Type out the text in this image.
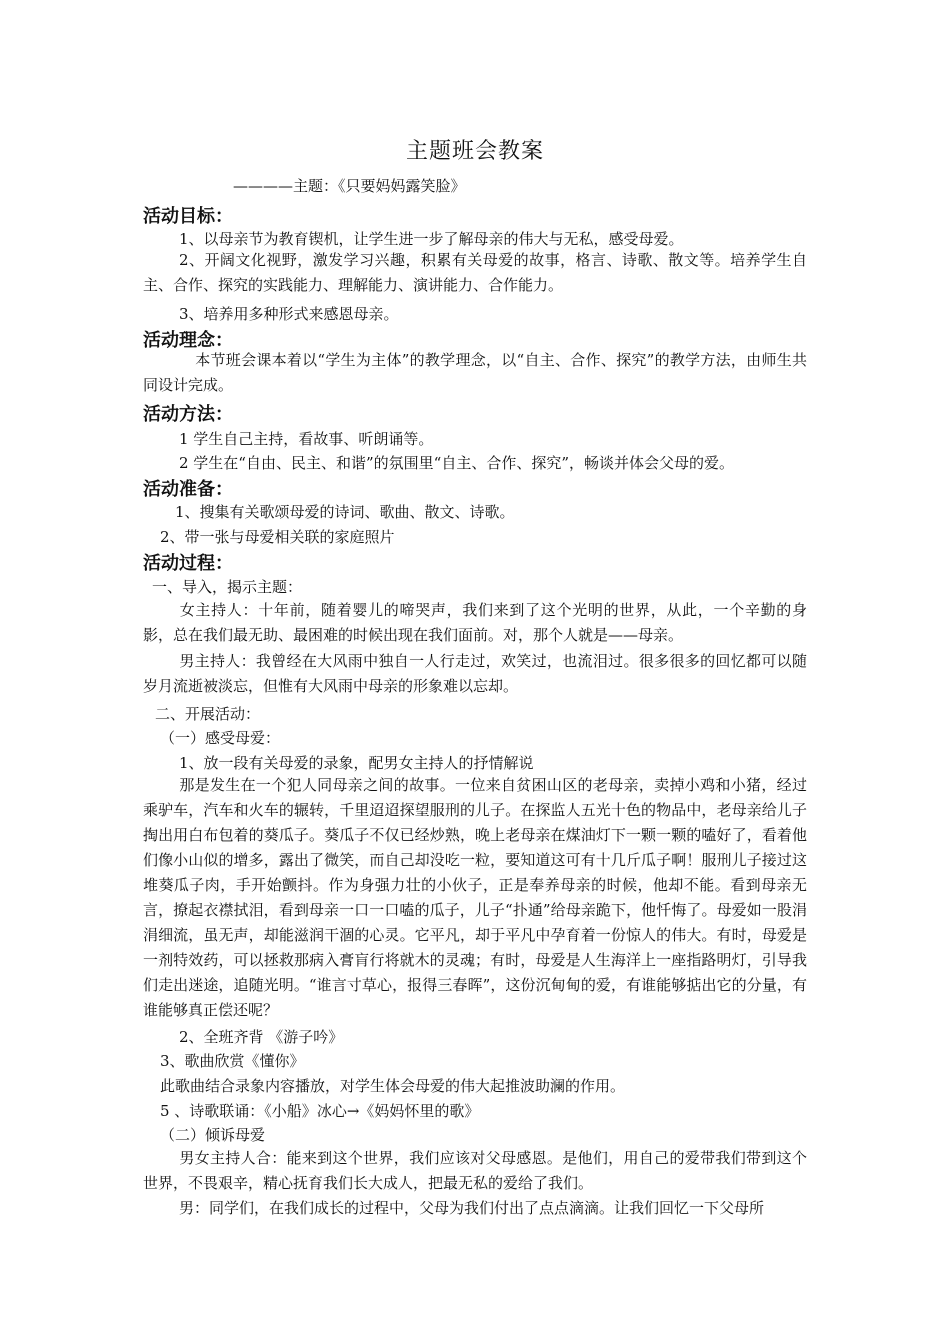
主题班会教案
————主题：《只要妈妈露笑脸》
活动目标：
1、以母亲节为教育锲机，让学生进一步了解母亲的伟大与无私，感受母爱。
2、开阔文化视野，激发学习兴趣，积累有关母爱的故事，格言、诗歌、散文等。培养学生自主、合作、探究的实践能力、理解能力、演讲能力、合作能力。
3、培养用多种形式来感恩母亲。
活动理念：
本节班会课本着以“学生为主体”的教学理念，以“自主、合作、探究”的教学方法，由师生共同设计完成。
活动方法：
1 学生自己主持，看故事、听朗诵等。
2 学生在“自由、民主、和谐”的氛围里“自主、合作、探究”，畅谈并体会父母的爱。
活动准备：
1、搜集有关歌颂母爱的诗词、歌曲、散文、诗歌。
2、带一张与母爱相关联的家庭照片
活动过程：
一、导入，揭示主题：
女主持人：十年前，随着婴儿的啼哭声，我们来到了这个光明的世界，从此，一个辛勤的身影，总在我们最无助、最困难的时候出现在我们面前。对，那个人就是——母亲。
男主持人：我曾经在大风雨中独自一人行走过，欢笑过，也流泪过。很多很多的回忆都可以随岁月流逝被淡忘，但惟有大风雨中母亲的形象难以忘却。
二、开展活动：
（一）感受母爱：
1、放一段有关母爱的录象，配男女主持人的抒情解说
那是发生在一个犯人同母亲之间的故事。一位来自贫困山区的老母亲，卖掉小鸡和小猪，经过乘驴车，汽车和火车的辗转，千里迢迢探望服刑的儿子。在探监人五光十色的物品中，老母亲给儿子掏出用白布包着的葵瓜子。葵瓜子不仅已经炒熟，晚上老母亲在煤油灯下一颗一颗的嗑好了，看着他们像小山似的增多，露出了微笑，而自己却没吃一粒，要知道这可有十几斤瓜子啊！服刑儿子接过这堆葵瓜子肉，手开始颤抖。作为身强力壮的小伙子，正是奉养母亲的时候，他却不能。看到母亲无言，撩起衣襟拭泪，看到母亲一口一口嗑的瓜子，儿子“扑通”给母亲跪下，他忏悔了。母爱如一股涓涓细流，虽无声，却能滋润干涸的心灵。它平凡，却于平凡中孕育着一份惊人的伟大。有时，母爱是一剂特效药，可以拯救那病入膏肓行将就木的灵魂；有时，母爱是人生海洋上一座指路明灯，引导我们走出迷途，追随光明。“谁言寸草心，报得三春晖”，这份沉甸甸的爱，有谁能够掂出它的分量，有谁能够真正偿还呢？
2、全班齐背 《游子吟》
3、歌曲欣赏《懂你》
此歌曲结合录象内容播放，对学生体会母爱的伟大起推波助澜的作用。
5 、诗歌联诵：《小船》冰心→《妈妈怀里的歌》
（二）倾诉母爱
男女主持人合：能来到这个世界，我们应该对父母感恩。是他们，用自己的爱带我们带到这个世界，不畏艰辛，精心抚育我们长大成人，把最无私的爱给了我们。
男：同学们，在我们成长的过程中，父母为我们付出了点点滴滴。让我们回忆一下父母所
